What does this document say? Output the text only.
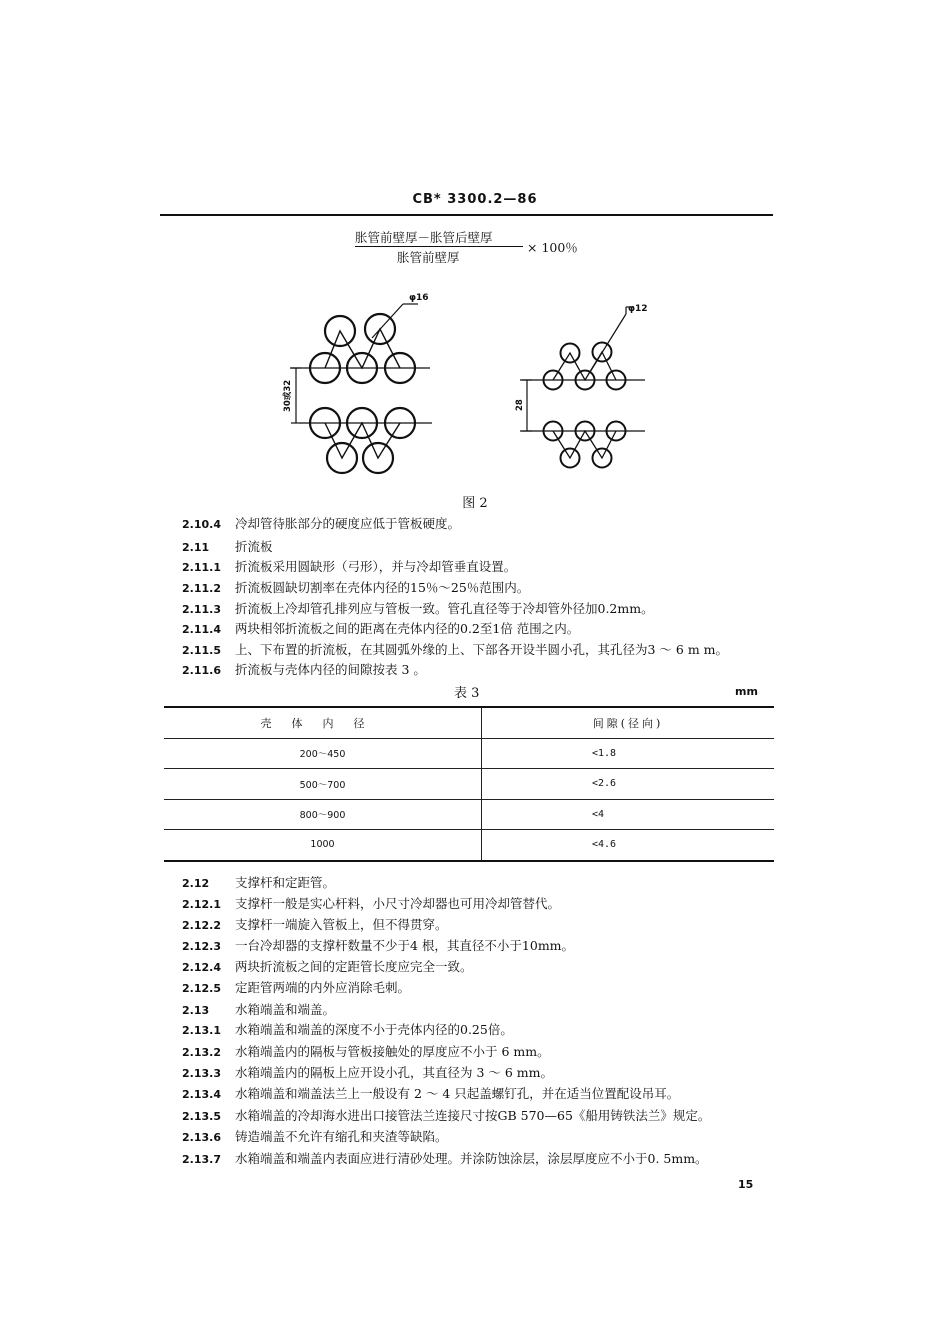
CB* 3300.2—86
胀管前壁厚－胀管后壁厚
胀管前壁厚
× 100％
φ16
φ12
30或32	28
图 2
2.10.4 冷却管待胀部分的硬度应低于管板硬度。
2.11 折流板
2.11.1 折流板采用圆缺形（弓形），并与冷却管垂直设置。
2.11.2 折流板圆缺切割率在壳体内径的15％～25％范围内。
2.11.3 折流板上冷却管孔排列应与管板一致。管孔直径等于冷却管外径加0.2mm。
2.11.4 两块相邻折流板之间的距离在壳体内径的0.2至1倍 范围之内。
2.11.5 上、下布置的折流板，在其圆弧外缘的上、下部各开设半圆小孔，其孔径为3 ～ 6 m m。
2.11.6 折流板与壳体内径的间隙按表 3 。
表 3	mm
壳体内径	间隙(径向)
200～450	<1.8
500～700	<2.6
800～900	<4
1000	<4.6
2.12 支撑杆和定距管。
2.12.1 支撑杆一般是实心杆料，小尺寸冷却器也可用冷却管替代。
2.12.2 支撑杆一端旋入管板上，但不得贯穿。
2.12.3 一台冷却器的支撑杆数量不少于4 根，其直径不小于10mm。
2.12.4 两块折流板之间的定距管长度应完全一致。
2.12.5 定距管两端的内外应消除毛刺。
2.13 水箱端盖和端盖。
2.13.1 水箱端盖和端盖的深度不小于壳体内径的0.25倍。
2.13.2 水箱端盖内的隔板与管板接触处的厚度应不小于 6 mm。
2.13.3 水箱端盖内的隔板上应开设小孔，其直径为 3 ～ 6 mm。
2.13.4 水箱端盖和端盖法兰上一般设有 2 ～ 4 只起盖螺钉孔，并在适当位置配设吊耳。
2.13.5 水箱端盖的冷却海水进出口接管法兰连接尺寸按GB 570—65《船用铸铁法兰》规定。
2.13.6 铸造端盖不允许有缩孔和夹渣等缺陷。
2.13.7 水箱端盖和端盖内表面应进行清砂处理。并涂防蚀涂层，涂层厚度应不小于0. 5mm。
15
